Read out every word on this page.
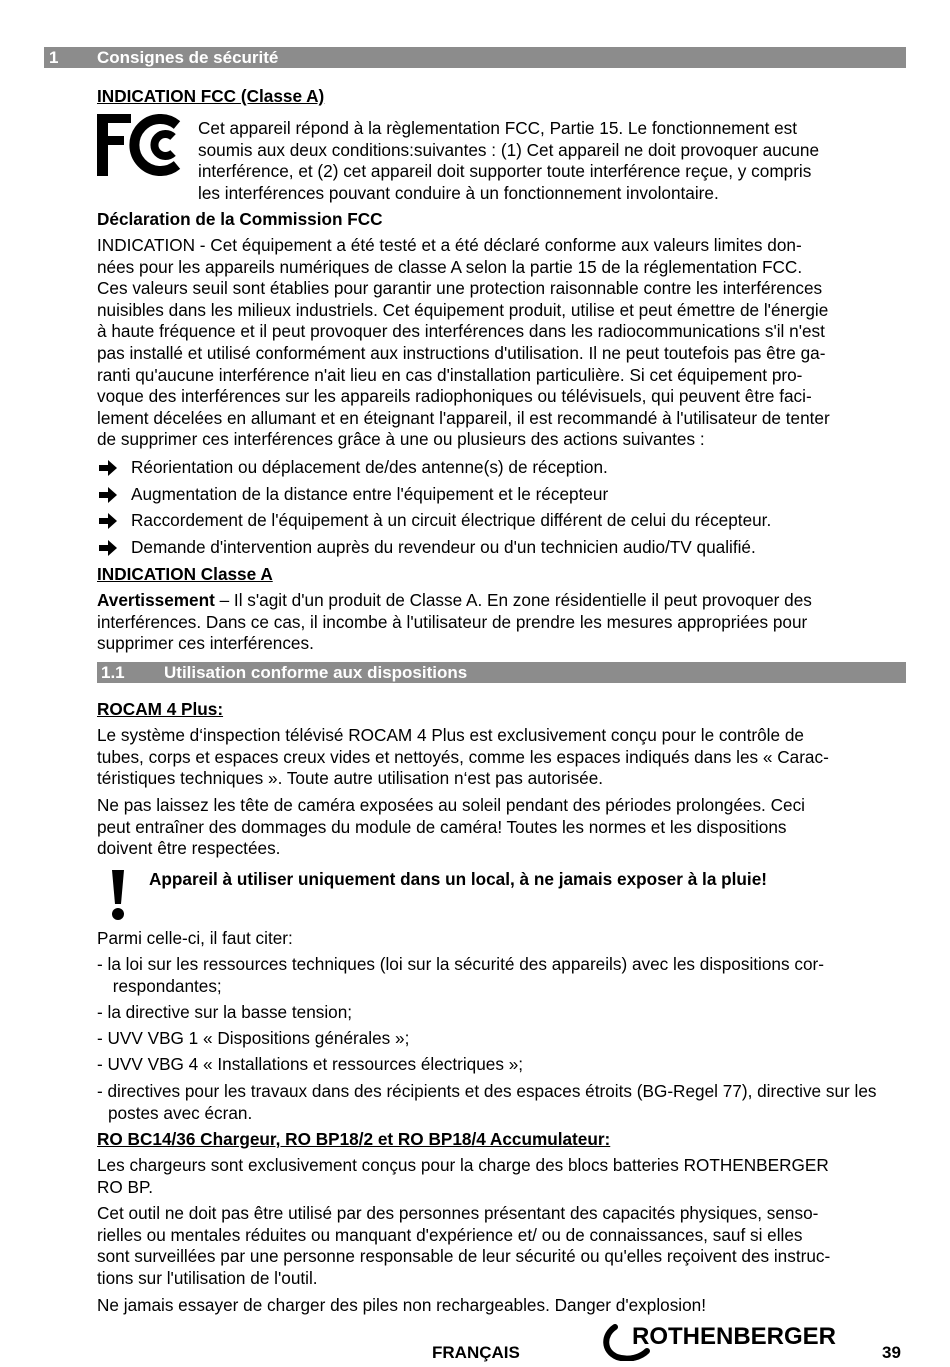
1 Consignes de sécurité
INDICATION FCC (Classe A)
Cet appareil répond à la règlementation FCC, Partie 15. Le fonctionnement est
soumis aux deux conditions:suivantes : (1) Cet appareil ne doit provoquer aucune
interférence, et (2) cet appareil doit supporter toute interférence reçue, y compris
les interférences pouvant conduire à un fonctionnement involontaire.
Déclaration de la Commission FCC
INDICATION - Cet équipement a été testé et a été déclaré conforme aux valeurs limites don-
nées pour les appareils numériques de classe A selon la partie 15 de la réglementation FCC.
Ces valeurs seuil sont établies pour garantir une protection raisonnable contre les interférences
nuisibles dans les milieux industriels. Cet équipement produit, utilise et peut émettre de l'énergie
à haute fréquence et il peut provoquer des interférences dans les radiocommunications s'il n'est
pas installé et utilisé conformément aux instructions d'utilisation. Il ne peut toutefois pas être ga-
ranti qu'aucune interférence n'ait lieu en cas d'installation particulière. Si cet équipement pro-
voque des interférences sur les appareils radiophoniques ou télévisuels, qui peuvent être faci-
lement décelées en allumant et en éteignant l'appareil, il est recommandé à l'utilisateur de tenter
de supprimer ces interférences grâce à une ou plusieurs des actions suivantes :
Réorientation ou déplacement de/des antenne(s) de réception.
Augmentation de la distance entre l'équipement et le récepteur
Raccordement de l'équipement à un circuit électrique différent de celui du récepteur.
Demande d'intervention auprès du revendeur ou d'un technicien audio/TV qualifié.
INDICATION Classe A
Avertissement – Il s'agit d'un produit de Classe A. En zone résidentielle il peut provoquer des
interférences. Dans ce cas, il incombe à l'utilisateur de prendre les mesures appropriées pour
supprimer ces interférences.
1.1 Utilisation conforme aux dispositions
ROCAM 4 Plus:
Le système d‘inspection télévisé ROCAM 4 Plus est exclusivement conçu pour le contrôle de
tubes, corps et espaces creux vides et nettoyés, comme les espaces indiqués dans les « Carac-
téristiques techniques ». Toute autre utilisation n‘est pas autorisée.
Ne pas laissez les tête de caméra exposées au soleil pendant des périodes prolongées. Ceci
peut entraîner des dommages du module de caméra! Toutes les normes et les dispositions
doivent être respectées.
Appareil à utiliser uniquement dans un local, à ne jamais exposer à la pluie!
Parmi celle-ci, il faut citer:

- la loi sur les ressources techniques (loi sur la sécurité des appareils) avec les dispositions cor- respondantes;

- la directive sur la basse tension;

- UVV VBG 1 « Dispositions générales »;

- UVV VBG 4 « Installations et ressources électriques »;

- directives pour les travaux dans des récipients et des espaces étroits (BG-Regel 77), directive sur les postes avec écran.

RO BC14/36 Chargeur, RO BP18/2 et RO BP18/4 Accumulateur:
Les chargeurs sont exclusivement conçus pour la charge des blocs batteries ROTHENBERGER
RO BP.
Cet outil ne doit pas être utilisé par des personnes présentant des capacités physiques, senso-
rielles ou mentales réduites ou manquant d'expérience et/ ou de connaissances, sauf si elles
sont surveillées par une personne responsable de leur sécurité ou qu'elles reçoivent des instruc-
tions sur l'utilisation de l'outil.
Ne jamais essayer de charger des piles non rechargeables. Danger d'explosion!
FRANÇAIS
ROTHENBERGER
39
